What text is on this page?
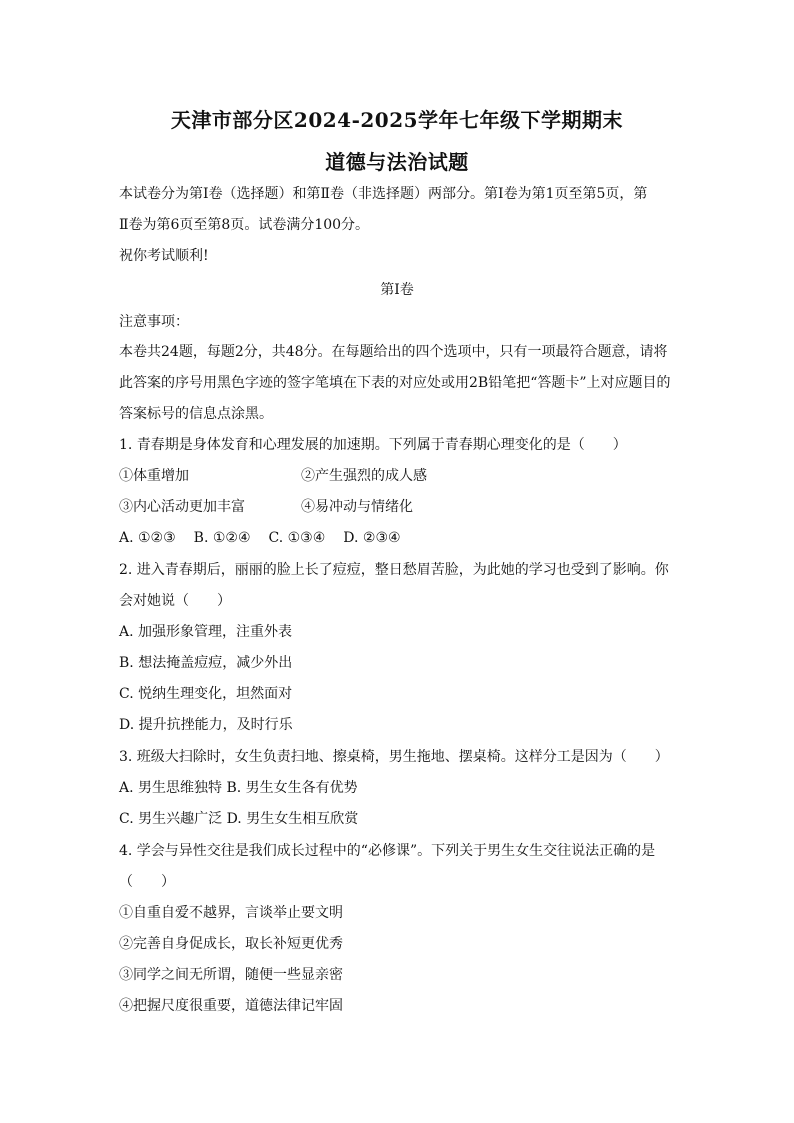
天津市部分区2024-2025学年七年级下学期期末
道德与法治试题
本试卷分为第Ⅰ卷（选择题）和第Ⅱ卷（非选择题）两部分。第Ⅰ卷为第1页至第5页，第
Ⅱ卷为第6页至第8页。试卷满分100分。
祝你考试顺利!
第Ⅰ卷
注意事项：
本卷共24题，每题2分，共48分。在每题给出的四个选项中，只有一项最符合题意，请将
此答案的序号用黑色字迹的签字笔填在下表的对应处或用2B铅笔把“答题卡”上对应题目的
答案标号的信息点涂黑。
1. 青春期是身体发育和心理发展的加速期。下列属于青春期心理变化的是（　　）
①体重增加	②产生强烈的成人感
③内心活动更加丰富	④易冲动与情绪化
A. ①②③ B. ①②④ C. ①③④ D. ②③④
2. 进入青春期后，丽丽的脸上长了痘痘，整日愁眉苦脸，为此她的学习也受到了影响。你
会对她说（　　）
A. 加强形象管理，注重外表
B. 想法掩盖痘痘，减少外出
C. 悦纳生理变化，坦然面对
D. 提升抗挫能力，及时行乐
3. 班级大扫除时，女生负责扫地、擦桌椅，男生拖地、摆桌椅。这样分工是因为（　　）
A. 男生思维独特 B. 男生女生各有优势
C. 男生兴趣广泛 D. 男生女生相互欣赏
4. 学会与异性交往是我们成长过程中的“必修课”。下列关于男生女生交往说法正确的是
（　　）
①自重自爱不越界，言谈举止要文明
②完善自身促成长，取长补短更优秀
③同学之间无所谓，随便一些显亲密
④把握尺度很重要，道德法律记牢固
